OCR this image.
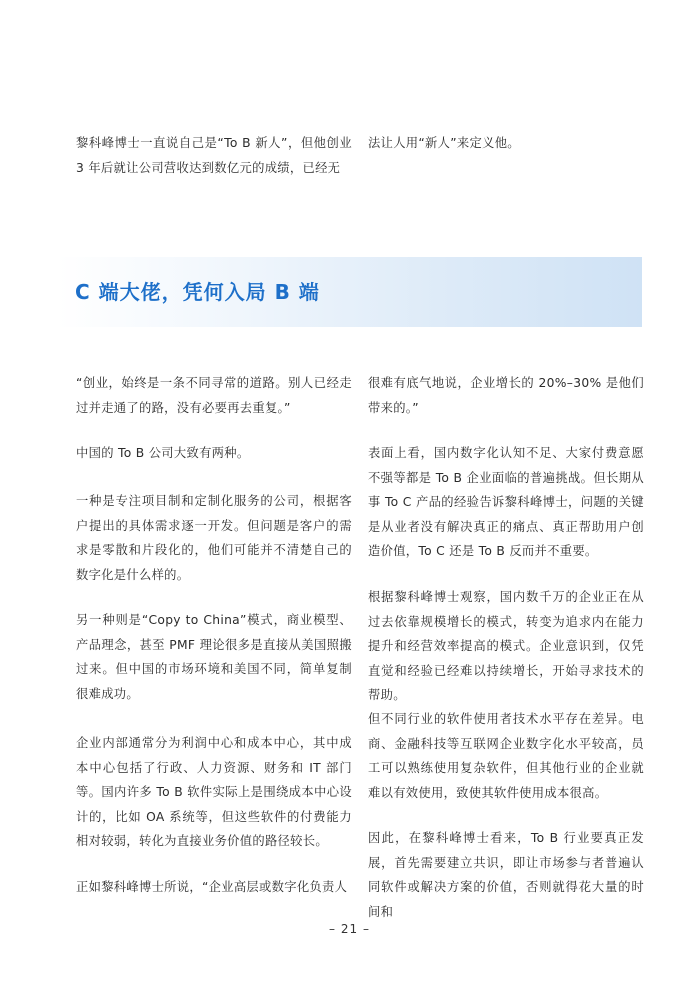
黎科峰博士一直说自己是“To B 新人”，但他创业 3 年后就让公司营收达到数亿元的成绩，已经无

法让人用“新人”来定义他。

C 端大佬，凭何入局 B 端

“创业，始终是一条不同寻常的道路。别人已经走过并走通了的路，没有必要再去重复。”

中国的 To B 公司大致有两种。

一种是专注项目制和定制化服务的公司，根据客户提出的具体需求逐一开发。但问题是客户的需求是零散和片段化的，他们可能并不清楚自己的数字化是什么样的。

另一种则是“Copy to China”模式，商业模型、产品理念，甚至 PMF 理论很多是直接从美国照搬过来。但中国的市场环境和美国不同，简单复制很难成功。

企业内部通常分为利润中心和成本中心，其中成本中心包括了行政、人力资源、财务和 IT 部门等。国内许多 To B 软件实际上是围绕成本中心设计的，比如 OA 系统等，但这些软件的付费能力相对较弱，转化为直接业务价值的路径较长。

正如黎科峰博士所说，“企业高层或数字化负责人

很难有底气地说，企业增长的 20%–30% 是他们带来的。”

表面上看，国内数字化认知不足、大家付费意愿不强等都是 To B 企业面临的普遍挑战。但长期从事 To C 产品的经验告诉黎科峰博士，问题的关键是从业者没有解决真正的痛点、真正帮助用户创造价值，To C 还是 To B 反而并不重要。

根据黎科峰博士观察，国内数千万的企业正在从过去依靠规模增长的模式，转变为追求内在能力提升和经营效率提高的模式。企业意识到，仅凭直觉和经验已经难以持续增长，开始寻求技术的帮助。

但不同行业的软件使用者技术水平存在差异。电商、金融科技等互联网企业数字化水平较高，员工可以熟练使用复杂软件，但其他行业的企业就难以有效使用，致使其软件使用成本很高。

因此，在黎科峰博士看来，To B 行业要真正发展，首先需要建立共识，即让市场参与者普遍认同软件或解决方案的价值，否则就得花大量的时间和

– 21 –
